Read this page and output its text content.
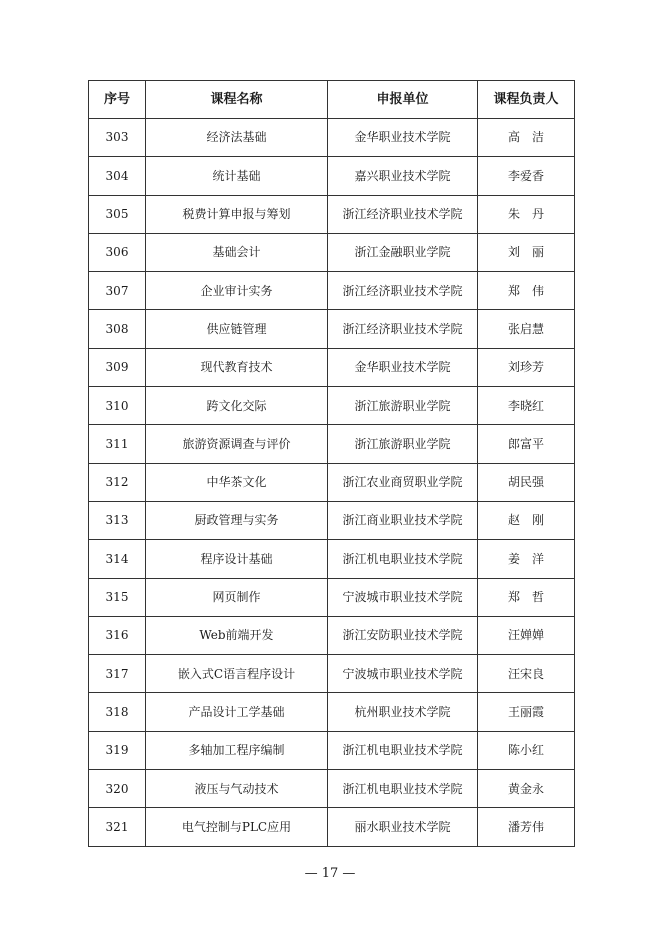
序号	课程名称	申报单位	课程负责人
303	经济法基础	金华职业技术学院	高　洁
304	统计基础	嘉兴职业技术学院	李爱香
305	税费计算申报与筹划	浙江经济职业技术学院	朱　丹
306	基础会计	浙江金融职业学院	刘　丽
307	企业审计实务	浙江经济职业技术学院	郑　伟
308	供应链管理	浙江经济职业技术学院	张启慧
309	现代教育技术	金华职业技术学院	刘珍芳
310	跨文化交际	浙江旅游职业学院	李晓红
311	旅游资源调查与评价	浙江旅游职业学院	郎富平
312	中华茶文化	浙江农业商贸职业学院	胡民强
313	厨政管理与实务	浙江商业职业技术学院	赵　刚
314	程序设计基础	浙江机电职业技术学院	姜　洋
315	网页制作	宁波城市职业技术学院	郑　哲
316	Web前端开发	浙江安防职业技术学院	汪婵婵
317	嵌入式C语言程序设计	宁波城市职业技术学院	汪宋良
318	产品设计工学基础	杭州职业技术学院	王丽霞
319	多轴加工程序编制	浙江机电职业技术学院	陈小红
320	液压与气动技术	浙江机电职业技术学院	黄金永
321	电气控制与PLC应用	丽水职业技术学院	潘芳伟
— 17 —
